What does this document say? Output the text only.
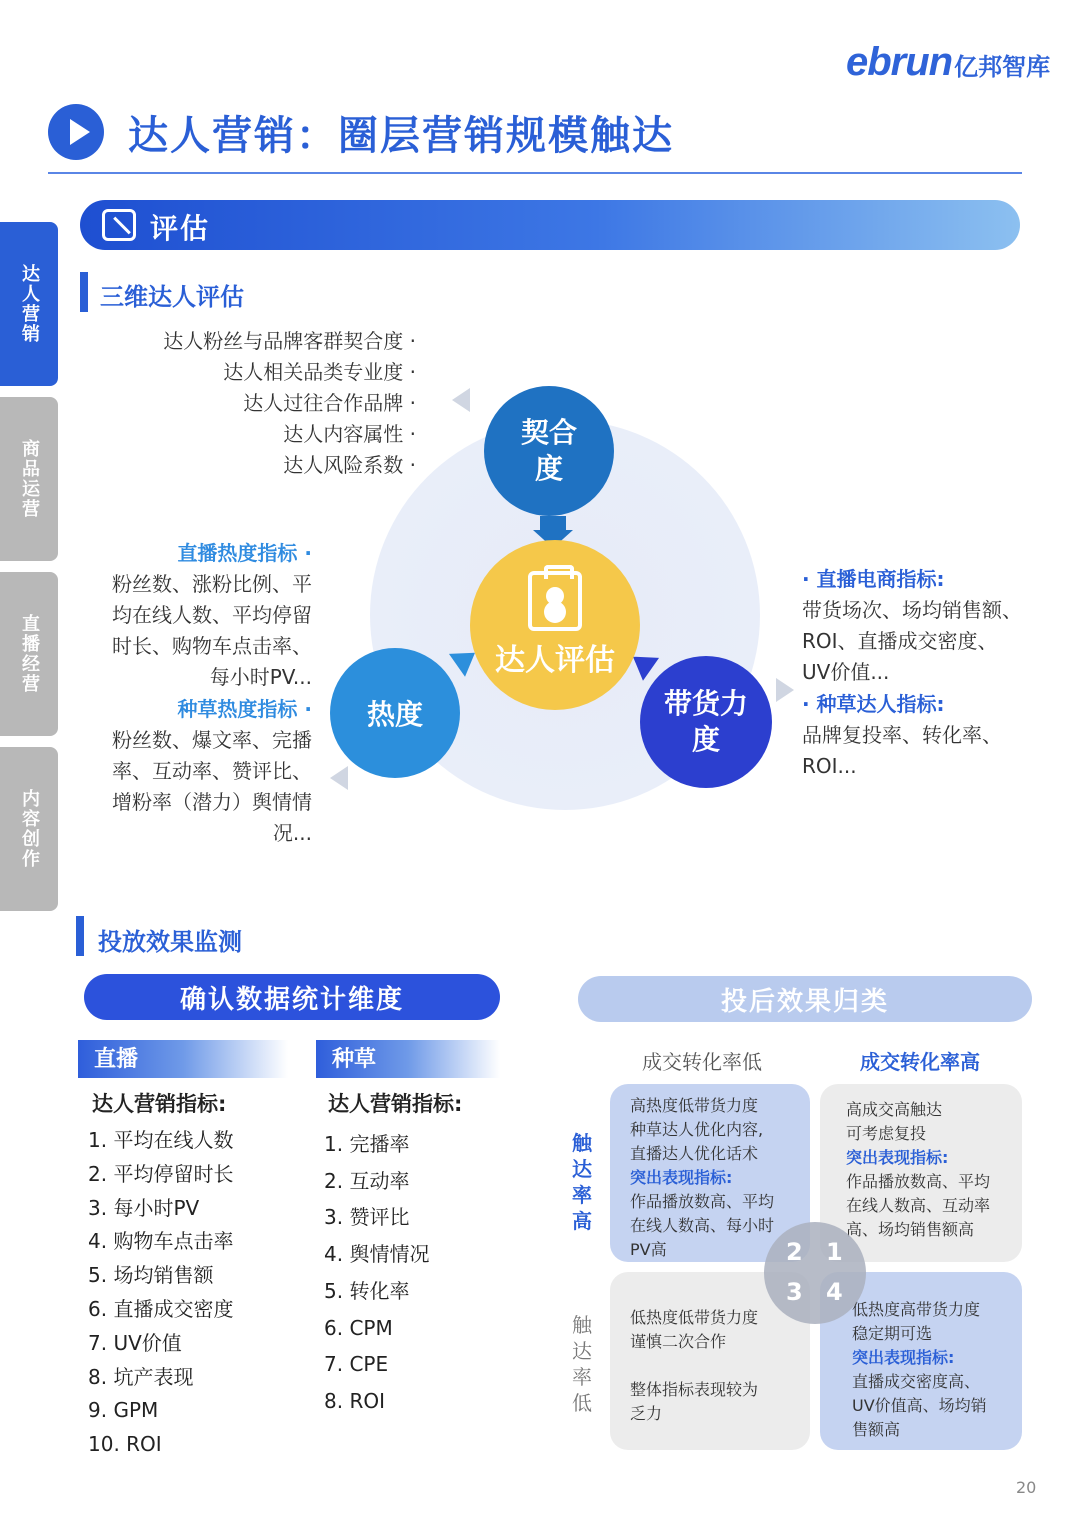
ebrun亿邦智库
达人营销：圈层营销规模触达
达人营销
商品运营
直播经营
内容创作
评估
三维达人评估
达人粉丝与品牌客群契合度 ·
达人相关品类专业度 ·
达人过往合作品牌 ·
达人内容属性 ·
达人风险系数 ·
契合度
达人评估
热度	带货力度
直播热度指标 ·
粉丝数、涨粉比例、平
均在线人数、平均停留
时长、购物车点击率、
每小时PV...
种草热度指标 ·
粉丝数、爆文率、完播
率、互动率、赞评比、
增粉率（潜力）舆情情
况...
· 直播电商指标:
带货场次、场均销售额、
ROI、直播成交密度、
UV价值...
· 种草达人指标:
品牌复投率、转化率、
ROI...
投放效果监测
确认数据统计维度	投后效果归类
直播
达人营销指标:
1. 平均在线人数
2. 平均停留时长
3. 每小时PV
4. 购物车点击率
5. 场均销售额
6. 直播成交密度
7. UV价值
8. 坑产表现
9. GPM
10. ROI
种草
达人营销指标:
1. 完播率
2. 互动率
3. 赞评比
4. 舆情情况
5. 转化率
6. CPM
7. CPE
8. ROI
成交转化率低	成交转化率高
触达率高
触达率低
高热度低带货力度
种草达人优化内容,
直播达人优化话术
突出表现指标:
作品播放数高、平均
在线人数高、每小时
PV高
高成交高触达
可考虑复投
突出表现指标:
作品播放数高、平均
在线人数高、互动率
高、场均销售额高
低热度低带货力度
谨慎二次合作
整体指标表现较为
乏力
低热度高带货力度
稳定期可选
突出表现指标:
直播成交密度高、
UV价值高、场均销
售额高
2 1
3 4
20
